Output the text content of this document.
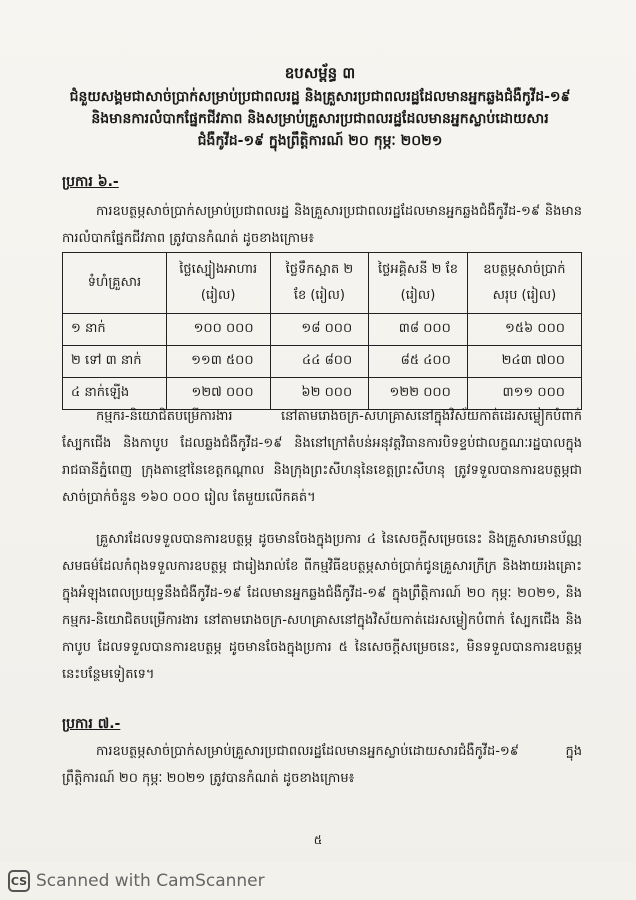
ឧបសម្ព័ន្ធ ៣
ជំនួយសង្គមជាសាច់ប្រាក់សម្រាប់ប្រជាពលរដ្ឋ និងគ្រួសារប្រជាពលរដ្ឋដែលមានអ្នកឆ្លងជំងឺកូវីដ-១៩
និងមានការលំបាកផ្នែកជីវភាព និងសម្រាប់គ្រួសារប្រជាពលរដ្ឋដែលមានអ្នកស្លាប់ដោយសារ
ជំងឺកូវីដ-១៩ ក្នុងព្រឹត្តិការណ៍ ២០ កុម្ភៈ ២០២១
ប្រការ ៦.-
ការឧបត្ថម្ភសាច់ប្រាក់សម្រាប់ប្រជាពលរដ្ឋ និងគ្រួសារប្រជាពលរដ្ឋដែលមានអ្នកឆ្លងជំងឺកូវីដ-១៩ និងមានការលំបាកផ្នែកជីវភាព ត្រូវបានកំណត់ ដូចខាងក្រោម៖
ទំហំគ្រួសារ	ថ្លៃស្បៀងអាហារ (រៀល)	ថ្លៃទឹកស្អាត ២ ខែ (រៀល)	ថ្លៃអគ្គិសនី ២ ខែ (រៀល)	ឧបត្ថម្ភសាច់ប្រាក់សរុប (រៀល)
១ នាក់	១០០ ០០០	១៨ ០០០	៣៨ ០០០	១៥៦ ០០០
២ ទៅ ៣ នាក់	១១៣ ៥០០	៤៤ ៨០០	៨៥ ៤០០	២៤៣ ៧០០
៤ នាក់ឡើង	១២៧ ០០០	៦២ ០០០	១២២ ០០០	៣១១ ០០០
កម្មករ-និយោជិតបម្រើការងារ នៅតាមរោងចក្រ-សហគ្រាសនៅក្នុងវិស័យកាត់ដេរសម្លៀកបំពាក់ ស្បែកជើង និងកាបូប ដែលឆ្លងជំងឺកូវីដ-១៩ និងនៅក្រៅតំបន់អនុវត្តវិធានការបិទខ្ទប់ជាលក្ខណៈរដ្ឋបាលក្នុងរាជធានីភ្នំពេញ ក្រុងតាខ្មៅនៃខេត្តកណ្ដាល និងក្រុងព្រះសីហនុនៃខេត្តព្រះសីហនុ ត្រូវទទួលបានការឧបត្ថម្ភជាសាច់ប្រាក់ចំនួន ១៦០ ០០០ រៀល តែមួយលើកគត់។
គ្រួសារដែលទទួលបានការឧបត្ថម្ភ ដូចមានចែងក្នុងប្រការ ៤ នៃសេចក្ដីសម្រេចនេះ និងគ្រួសារមានប័ណ្ណសមធម៌ដែលកំពុងទទួលការឧបត្ថម្ភ ជារៀងរាល់ខែ ពីកម្មវិធីឧបត្ថម្ភសាច់ប្រាក់ជូនគ្រួសារក្រីក្រ និងងាយរងគ្រោះ ក្នុងអំឡុងពេលប្រយុទ្ធនឹងជំងឺកូវីដ-១៩ ដែលមានអ្នកឆ្លងជំងឺកូវីដ-១៩ ក្នុងព្រឹត្តិការណ៍ ២០ កុម្ភៈ ២០២១, និងកម្មករ-និយោជិតបម្រើការងារ នៅតាមរោងចក្រ-សហគ្រាសនៅក្នុងវិស័យកាត់ដេរសម្លៀកបំពាក់ ស្បែកជើង និងកាបូប ដែលទទួលបានការឧបត្ថម្ភ ដូចមានចែងក្នុងប្រការ ៥ នៃសេចក្ដីសម្រេចនេះ, មិនទទួលបានការឧបត្ថម្ភនេះបន្ថែមទៀតទេ។
ប្រការ ៧.-
ការឧបត្ថម្ភសាច់ប្រាក់សម្រាប់គ្រួសារប្រជាពលរដ្ឋដែលមានអ្នកស្លាប់ដោយសារជំងឺកូវីដ-១៩ ក្នុងព្រឹត្តិការណ៍ ២០ កុម្ភៈ ២០២១ ត្រូវបានកំណត់ ដូចខាងក្រោម៖
៥
CS Scanned with CamScanner
